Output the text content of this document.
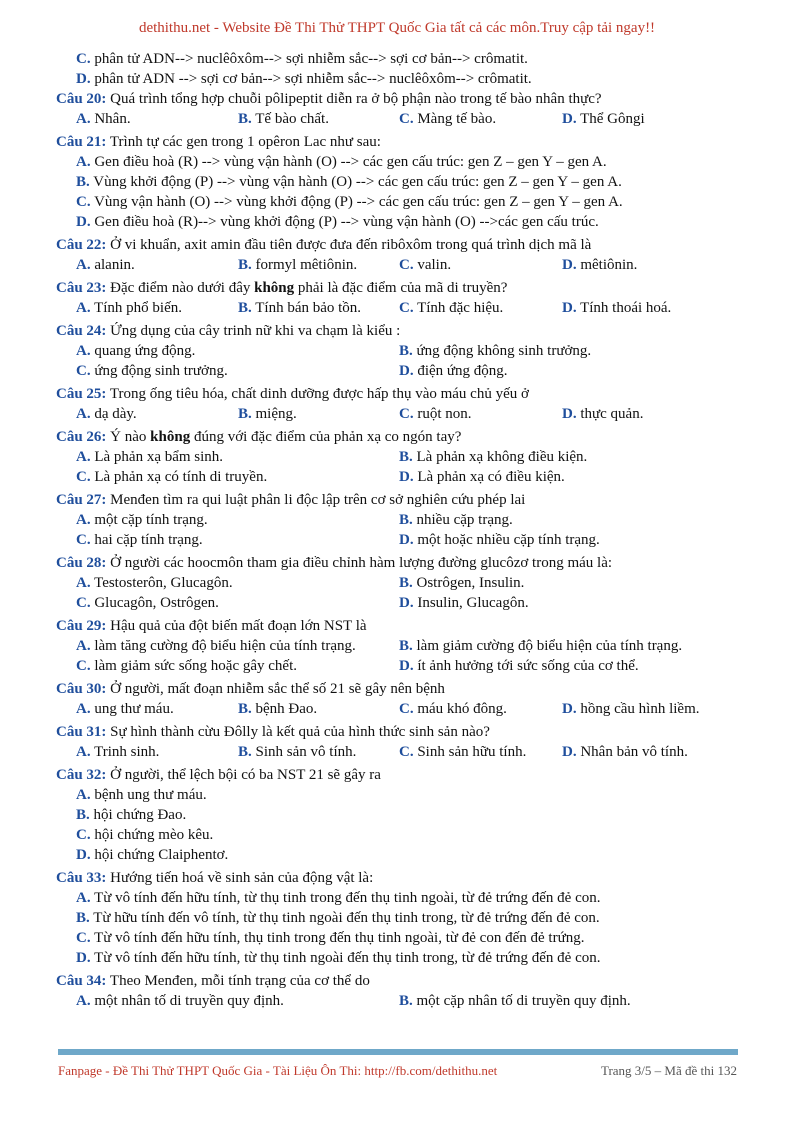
dethithu.net - Website Đề Thi Thử THPT Quốc Gia tất cả các môn.Truy cập tải ngay!!
C. phân tử ADN--> nuclêôxôm--> sợi nhiễm sắc--> sợi cơ bản--> crômatit.
D. phân tử ADN --> sợi cơ bản--> sợi nhiễm sắc--> nuclêôxôm--> crômatit.
Câu 20: Quá trình tổng hợp chuỗi pôlipeptit diễn ra ở bộ phận nào trong tế bào nhân thực?
A. Nhân.	B. Tế bào chất.	C. Màng tế bào.	D. Thể Gôngi
Câu 21: Trình tự các gen trong 1 opêron Lac như sau:
A. Gen điều hoà (R) --> vùng vận hành (O) --> các gen cấu trúc: gen Z – gen Y – gen A.
B. Vùng khởi động (P) --> vùng vận hành (O) --> các gen cấu trúc: gen Z – gen Y – gen A.
C. Vùng vận hành (O) --> vùng khởi động (P) --> các gen cấu trúc: gen Z – gen Y – gen A.
D. Gen điều hoà (R)--> vùng khởi động (P) --> vùng vận hành (O) -->các gen cấu trúc.
Câu 22: Ở vi khuẩn, axit amin đầu tiên được đưa đến ribôxôm trong quá trình dịch mã là
A. alanin.	B. formyl mêtiônin.	C. valin.	D. mêtiônin.
Câu 23: Đặc điểm nào dưới đây không phải là đặc điểm của mã di truyền?
A. Tính phổ biến.	B. Tính bán bảo tồn.	C. Tính đặc hiệu.	D. Tính thoái hoá.
Câu 24: Ứng dụng của cây trinh nữ khi va chạm là kiểu :
A. quang ứng động.	B. ứng động không sinh trưởng.
C. ứng động sinh trưởng.	D. điện ứng động.
Câu 25: Trong ống tiêu hóa, chất dinh dưỡng được hấp thụ vào máu chủ yếu ở
A. dạ dày.	B. miệng.	C. ruột non.	D. thực quản.
Câu 26: Ý nào không đúng với đặc điểm của phản xạ co ngón tay?
A. Là phản xạ bẩm sinh.	B. Là phản xạ không điều kiện.
C. Là phản xạ có tính di truyền.	D. Là phản xạ có điều kiện.
Câu 27: Menđen tìm ra qui luật phân li độc lập trên cơ sở nghiên cứu phép lai
A. một cặp tính trạng.	B. nhiều cặp trạng.
C. hai cặp tính trạng.	D. một hoặc nhiều cặp tính trạng.
Câu 28: Ở người các hoocmôn tham gia điều chỉnh hàm lượng đường glucôzơ trong máu là:
A. Testosterôn, Glucagôn.	B. Ostrôgen, Insulin.
C. Glucagôn, Ostrôgen.	D. Insulin, Glucagôn.
Câu 29: Hậu quả của đột biến mất đoạn lớn NST là
A. làm tăng cường độ biểu hiện của tính trạng.	B. làm giảm cường độ biểu hiện của tính trạng.
C. làm giảm sức sống hoặc gây chết.	D. ít ảnh hưởng tới sức sống của cơ thể.
Câu 30: Ở người, mất đoạn nhiễm sắc thể số 21 sẽ gây nên bệnh
A. ung thư máu.	B. bệnh Đao.	C. máu khó đông.	D. hồng cầu hình liềm.
Câu 31: Sự hình thành cừu Đôlly là kết quả của hình thức sinh sản nào?
A. Trinh sinh.	B. Sinh sản vô tính.	C. Sinh sản hữu tính. D. Nhân bản vô tính.
Câu 32: Ở người, thể lệch bội có ba NST 21 sẽ gây ra
A. bệnh ung thư máu.
B. hội chứng Đao.
C. hội chứng mèo kêu.
D. hội chứng Claiphentơ.
Câu 33: Hướng tiến hoá về sinh sản của động vật là:
A. Từ vô tính đến hữu tính, từ thụ tinh trong đến thụ tinh ngoài, từ đẻ trứng đến đẻ con.
B. Từ hữu tính đến vô tính, từ thụ tinh ngoài đến thụ tinh trong, từ đẻ trứng đến đẻ con.
C. Từ vô tính đến hữu tính, thụ tinh trong đến thụ tinh ngoài, từ đẻ con đến đẻ trứng.
D. Từ vô tính đến hữu tính, từ thụ tinh ngoài đến thụ tinh trong, từ đẻ trứng đến đẻ con.
Câu 34: Theo Menđen, mỗi tính trạng của cơ thể do
A. một nhân tố di truyền quy định.	B. một cặp nhân tố di truyền quy định.
Fanpage - Đề Thi Thử THPT Quốc Gia - Tài Liệu Ôn Thi: http://fb.com/dethithu.net	Trang 3/5 – Mã đề thi 132
